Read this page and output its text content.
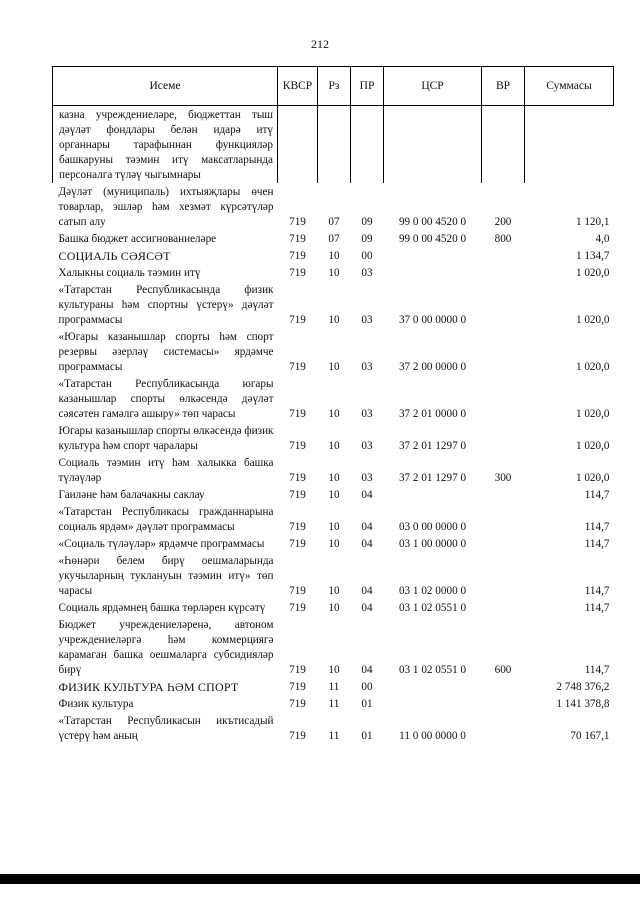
212
Исеме	КВСР	Рз	ПР	ЦСР	ВР	Суммасы
казна учреждениеләре, бюджеттан тыш дәүләт фондлары белән идарә итү органнары тарафыннан функцияләр башкаруны тәэмин итү максатларында персоналга түләү чыгымнары						
Дәүләт (муниципаль) ихтыяҗлары өчен товарлар, эшләр һәм хезмәт күрсәтүләр сатып алу	719	07	09	99 0 00 4520 0	200	1 120,1
Башка бюджет ассигнованиеләре	719	07	09	99 0 00 4520 0	800	4,0
СОЦИАЛЬ СӘЯСӘТ	719	10	00			1 134,7
Халыкны социаль тәэмин итү	719	10	03			1 020,0
«Татарстан Республикасында физик культураны һәм спортны үстерү» дәүләт программасы	719	10	03	37 0 00 0000 0		1 020,0
«Югары казанышлар спорты һәм спорт резервы әзерләү системасы» ярдәмче программасы	719	10	03	37 2 00 0000 0		1 020,0
«Татарстан Республикасында югары казанышлар спорты өлкәсендә дәүләт сәясәтен гамәлгә ашыру» төп чарасы	719	10	03	37 2 01 0000 0		1 020,0
Югары казанышлар спорты өлкәсендә физик культура һәм спорт чаралары	719	10	03	37 2 01 1297 0		1 020,0
Социаль тәэмин итү һәм халыкка башка түләүләр	719	10	03	37 2 01 1297 0	300	1 020,0
Гаиләне һәм балачакны саклау	719	10	04			114,7
«Татарстан Республикасы гражданнарына социаль ярдәм» дәүләт программасы	719	10	04	03 0 00 0000 0		114,7
«Социаль түләүләр» ярдәмче программасы	719	10	04	03 1 00 0000 0		114,7
«Һөнәри белем бирү оешмаларында укучыларның туклануын тәэмин итү» төп чарасы	719	10	04	03 1 02 0000 0		114,7
Социаль ярдәмнең башка төрләрен күрсәтү	719	10	04	03 1 02 0551 0		114,7
Бюджет учреждениеләренә, автоном учреждениеләргә һәм коммерциягә карамаган башка оешмаларга субсидияләр бирү	719	10	04	03 1 02 0551 0	600	114,7
ФИЗИК КУЛЬТУРА ҺӘМ СПОРТ	719	11	00			2 748 376,2
Физик культура	719	11	01			1 141 378,8
«Татарстан Республикасын икътисадый үстерү һәм аның	719	11	01	11 0 00 0000 0		70 167,1
